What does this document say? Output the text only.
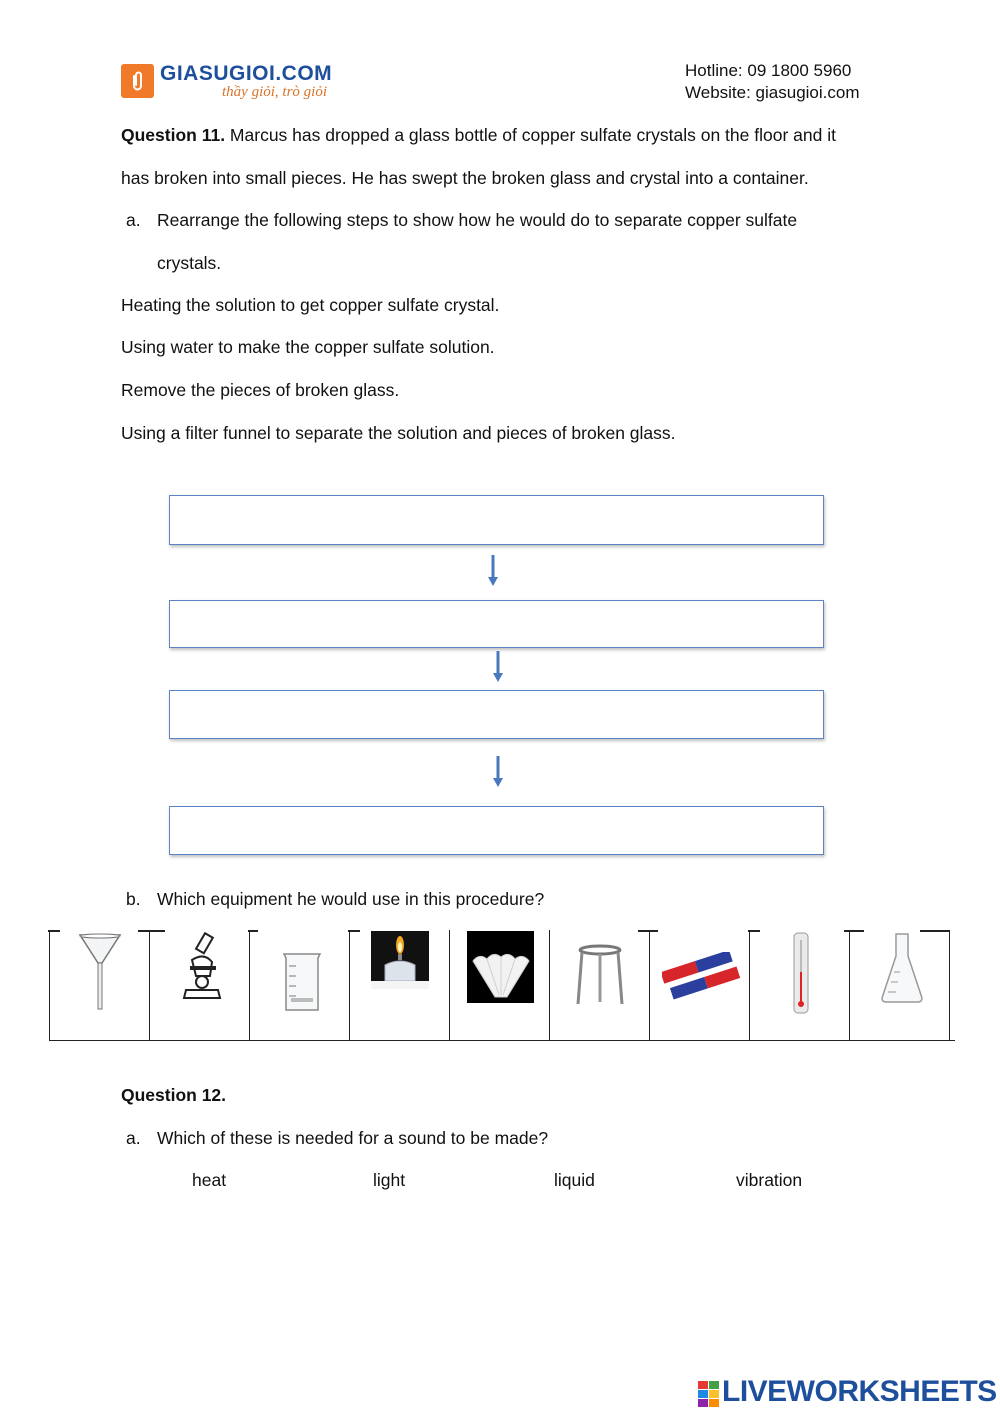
GIASUGIOI.COM
thầy giỏi, trò giỏi
Hotline: 09 1800 5960
Website: giasugioi.com
Question 11. Marcus has dropped a glass bottle of copper sulfate crystals on the floor and it
has broken into small pieces. He has swept the broken glass and crystal into a container.
a. Rearrange the following steps to show how he would do to separate copper sulfate
crystals.
Heating the solution to get copper sulfate crystal.
Using water to make the copper sulfate solution.
Remove the pieces of broken glass.
Using a filter funnel to separate the solution and pieces of broken glass.
b. Which equipment he would use in this procedure?
Question 12.
a. Which of these is needed for a sound to be made?
heat	light	liquid	vibration
LIVEWORKSHEETS
